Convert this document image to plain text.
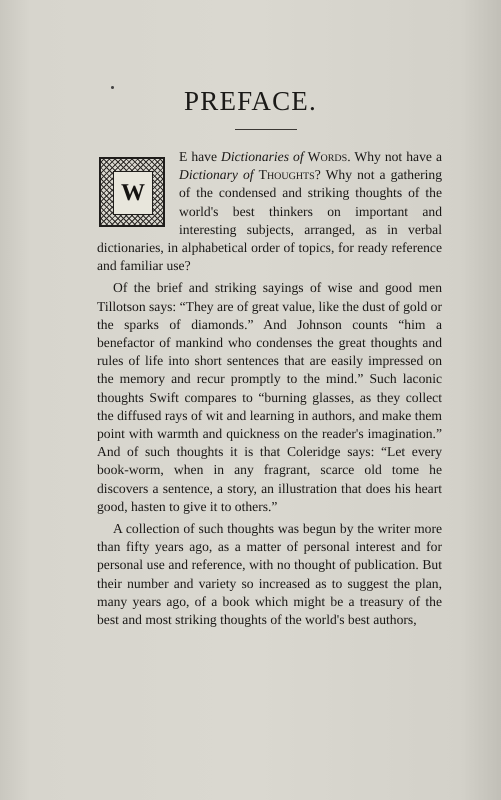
PREFACE.

W
E have Dictionaries of Words. Why not have a Dictionary of Thoughts? Why not a gathering of the condensed and striking thoughts of the world's best thinkers on important and interesting subjects, arranged, as in verbal dictionaries, in alphabetical order of topics, for ready reference and familiar use?

Of the brief and striking sayings of wise and good men Tillotson says: “They are of great value, like the dust of gold or the sparks of diamonds.” And Johnson counts “him a benefactor of mankind who condenses the great thoughts and rules of life into short sentences that are easily impressed on the memory and recur promptly to the mind.” Such laconic thoughts Swift compares to “burning glasses, as they collect the diffused rays of wit and learning in authors, and make them point with warmth and quickness on the reader's imagination.” And of such thoughts it is that Coleridge says: “Let every book-worm, when in any fragrant, scarce old tome he discovers a sentence, a story, an illustration that does his heart good, hasten to give it to others.”

A collection of such thoughts was begun by the writer more than fifty years ago, as a matter of personal interest and for personal use and reference, with no thought of publication. But their number and variety so increased as to suggest the plan, many years ago, of a book which might be a treasury of the best and most striking thoughts of the world's best authors,
